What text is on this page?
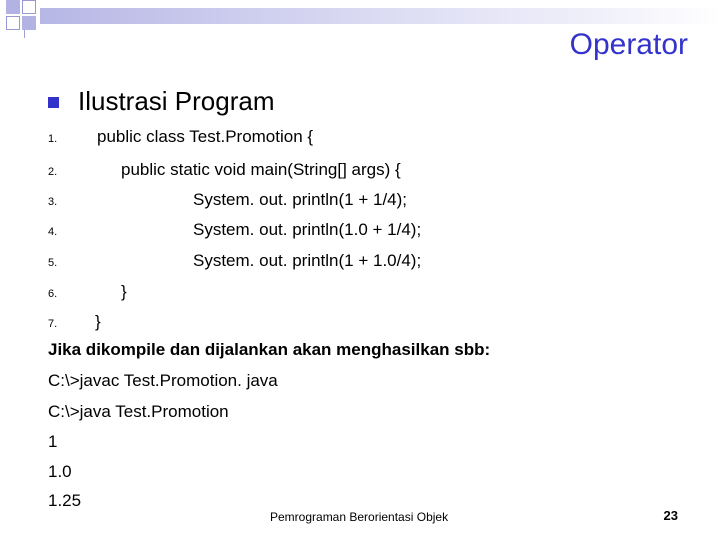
Operator
Ilustrasi Program
1. public class Test.Promotion {
2.	public static void main(String[] args) {
3.	System. out. println(1 + 1/4);
4.	System. out. println(1.0 + 1/4);
5.	System. out. println(1 + 1.0/4);
6.	}
7. }
Jika dikompile dan dijalankan akan menghasilkan sbb:
C:\>javac Test.Promotion. java
C:\>java Test.Promotion
1
1.0
1.25
Pemrograman Berorientasi Objek	23
